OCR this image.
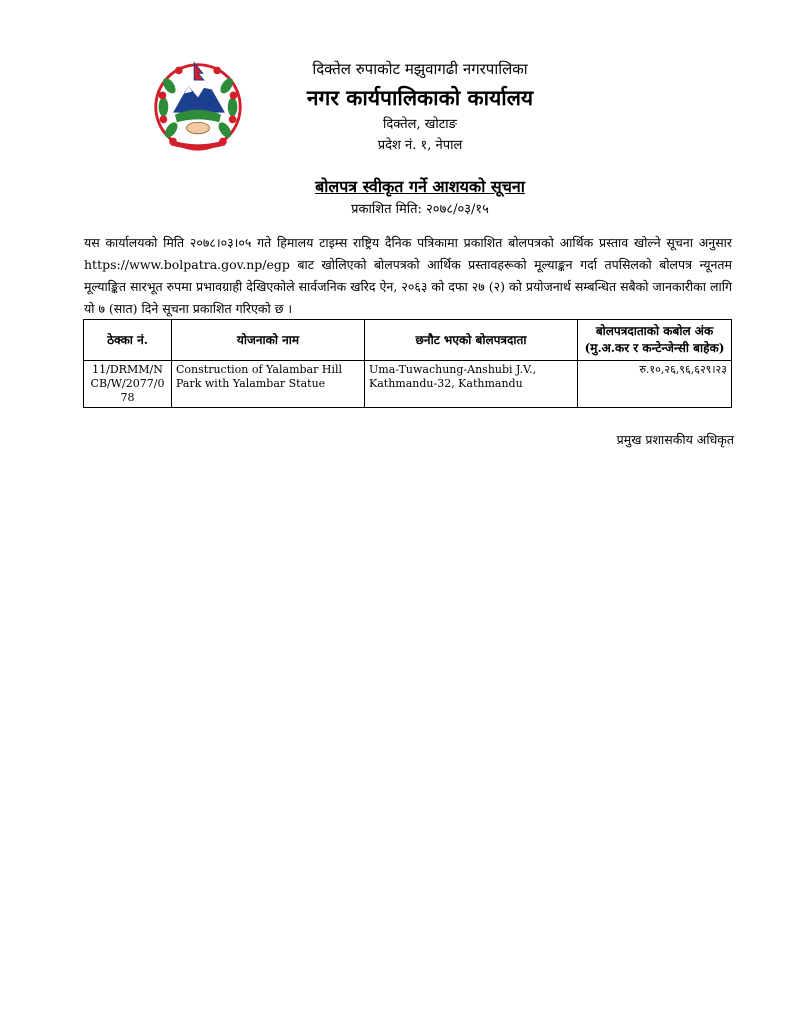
दिक्तेल रुपाकोट मझुवागढी नगरपालिका
नगर कार्यपालिकाको कार्यालय
दिक्तेल, खोटाङ
प्रदेश नं. १, नेपाल
बोलपत्र स्वीकृत गर्ने आशयको सूचना
प्रकाशित मिति: २०७८/०३/१५
यस कार्यालयको मिति २०७८।०३।०५ गते हिमालय टाइम्स राष्ट्रिय दैनिक पत्रिकामा प्रकाशित बोलपत्रको आर्थिक प्रस्ताव खोल्ने सूचना अनुसार https://www.bolpatra.gov.np/egp बाट खोलिएको बोलपत्रको आर्थिक प्रस्तावहरूको मूल्याङ्कन गर्दा तपसिलको बोलपत्र न्यूनतम मूल्याङ्कित सारभूत रुपमा प्रभावग्राही देखिएकोले सार्वजनिक खरिद ऐन, २०६३ को दफा २७ (२) को प्रयोजनार्थ सम्बन्धित सबैको जानकारीका लागि यो ७ (सात) दिने सूचना प्रकाशित गरिएको छ ।
ठेक्का नं.	योजनाको नाम	छनौट भएको बोलपत्रदाता	बोलपत्रदाताको कबोल अंक
(मु.अ.कर र कन्टेन्जेन्सी बाहेक)

11/DRMM/NCB/W/2077/078	Construction of Yalambar Hill Park with Yalambar Statue	Uma-Tuwachung-Anshubi J.V., Kathmandu-32, Kathmandu	रु.१०,२६,९६,६२९।२३
प्रमुख प्रशासकीय अधिकृत
